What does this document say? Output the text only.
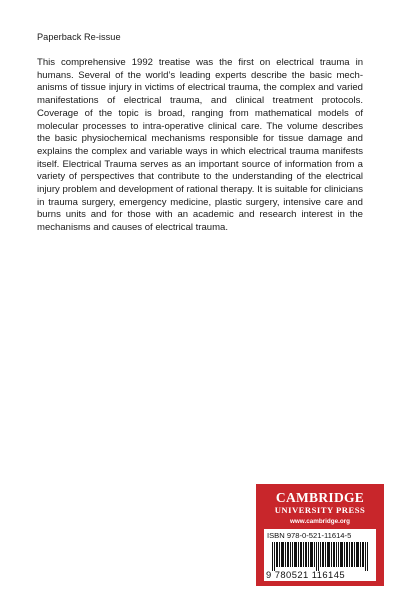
Paperback Re-issue

This comprehensive 1992 treatise was the first on electrical trauma in humans. Several of the world’s leading experts describe the basic mechanisms of tissue injury in victims of electrical trauma, the complex and varied manifestations of electrical trauma, and clinical treatment protocols. Coverage of the topic is broad, ranging from mathematical models of molecular processes to intra-operative clinical care. The volume describes the basic physiochemical mechanisms responsible for tissue damage and explains the complex and variable ways in which electrical trauma manifests itself. Electrical Trauma serves as an important source of information from a variety of perspectives that contribute to the understanding of the electrical injury problem and development of rational therapy. It is suitable for clinicians in trauma surgery, emergency medicine, plastic surgery, intensive care and burns units and for those with an academic and research interest in the mechanisms and causes of electrical trauma.

CAMBRIDGE
UNIVERSITY PRESS
www.cambridge.org
ISBN 978-0-521-11614-5
9 780521 116145
